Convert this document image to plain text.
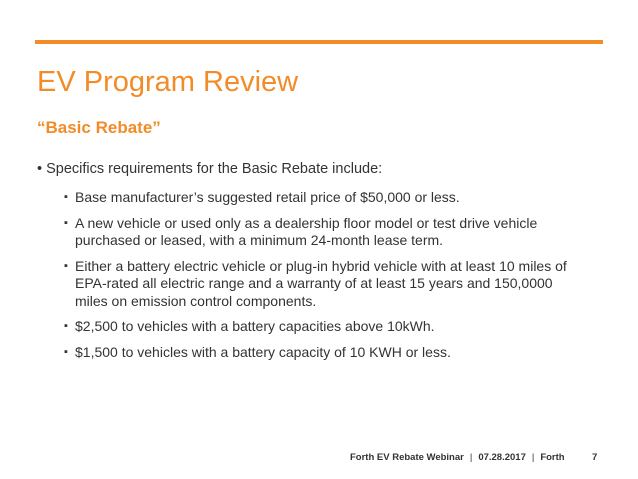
EV Program Review
“Basic Rebate”
• Specifics requirements for the Basic Rebate include:
▪ Base manufacturer’s suggested retail price of $50,000 or less.
▪ A new vehicle or used only as a dealership floor model or test drive vehicle purchased or leased, with a minimum 24-month lease term.
▪ Either a battery electric vehicle or plug-in hybrid vehicle with at least 10 miles of EPA-rated all electric range and a warranty of at least 15 years and 150,0000 miles on emission control components.
▪ $2,500 to vehicles with a battery capacities above 10kWh.
▪ $1,500 to vehicles with a battery capacity of 10 KWH or less.
Forth EV Rebate Webinar | 07.28.2017 | Forth	7
